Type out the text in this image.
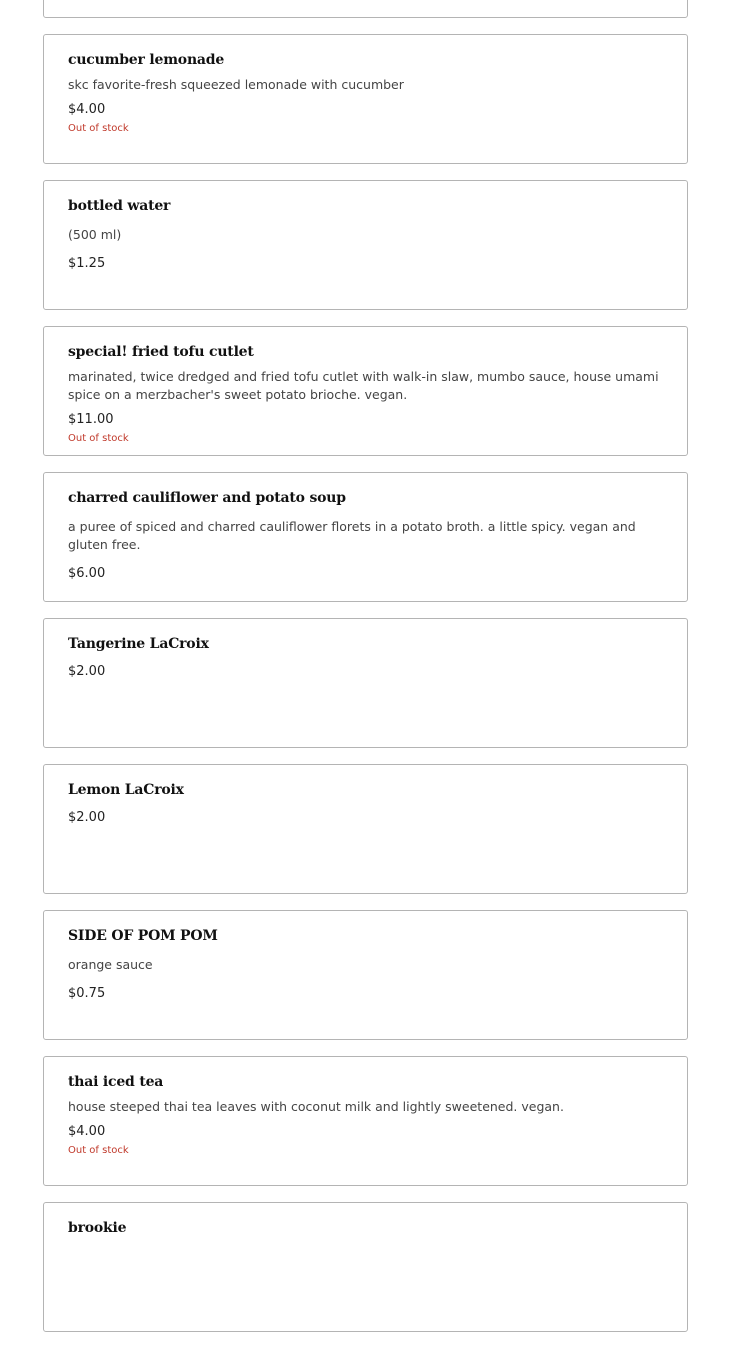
cucumber lemonade
skc favorite-fresh squeezed lemonade with cucumber
$4.00
Out of stock
bottled water
(500 ml)
$1.25
special! fried tofu cutlet
marinated, twice dredged and fried tofu cutlet with walk-in slaw, mumbo sauce, house umami spice on a merzbacher's sweet potato brioche. vegan.
$11.00
Out of stock
charred cauliflower and potato soup
a puree of spiced and charred cauliflower florets in a potato broth. a little spicy. vegan and gluten free.
$6.00
Tangerine LaCroix
$2.00
Lemon LaCroix
$2.00
SIDE OF POM POM
orange sauce
$0.75
thai iced tea
house steeped thai tea leaves with coconut milk and lightly sweetened. vegan.
$4.00
Out of stock
brookie
